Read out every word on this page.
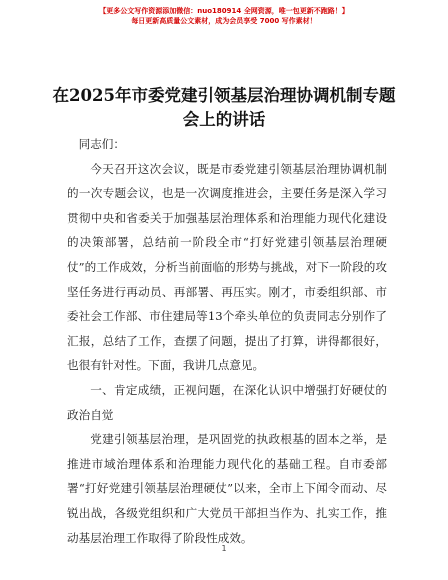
【更多公文写作资源添加微信：nuo180914 全网资源，唯一包更新不跑路！】
每日更新高质量公文素材，成为会员享受 7000 写作素材！
在2025年市委党建引领基层治理协调机制专题
会上的讲话

同志们：

今天召开这次会议，既是市委党建引领基层治理协调机制的一次专题会议，也是一次调度推进会，主要任务是深入学习贯彻中央和省委关于加强基层治理体系和治理能力现代化建设的决策部署，总结前一阶段全市“打好党建引领基层治理硬仗”的工作成效，分析当前面临的形势与挑战，对下一阶段的攻坚任务进行再动员、再部署、再压实。刚才，市委组织部、市委社会工作部、市住建局等13个牵头单位的负责同志分别作了汇报，总结了工作，查摆了问题，提出了打算，讲得都很好，也很有针对性。下面，我讲几点意见。

一、肯定成绩，正视问题，在深化认识中增强打好硬仗的政治自觉

党建引领基层治理，是巩固党的执政根基的固本之举，是推进市域治理体系和治理能力现代化的基础工程。自市委部署“打好党建引领基层治理硬仗”以来，全市上下闻令而动、尽锐出战，各级党组织和广大党员干部担当作为、扎实工作，推动基层治理工作取得了阶段性成效。

1
